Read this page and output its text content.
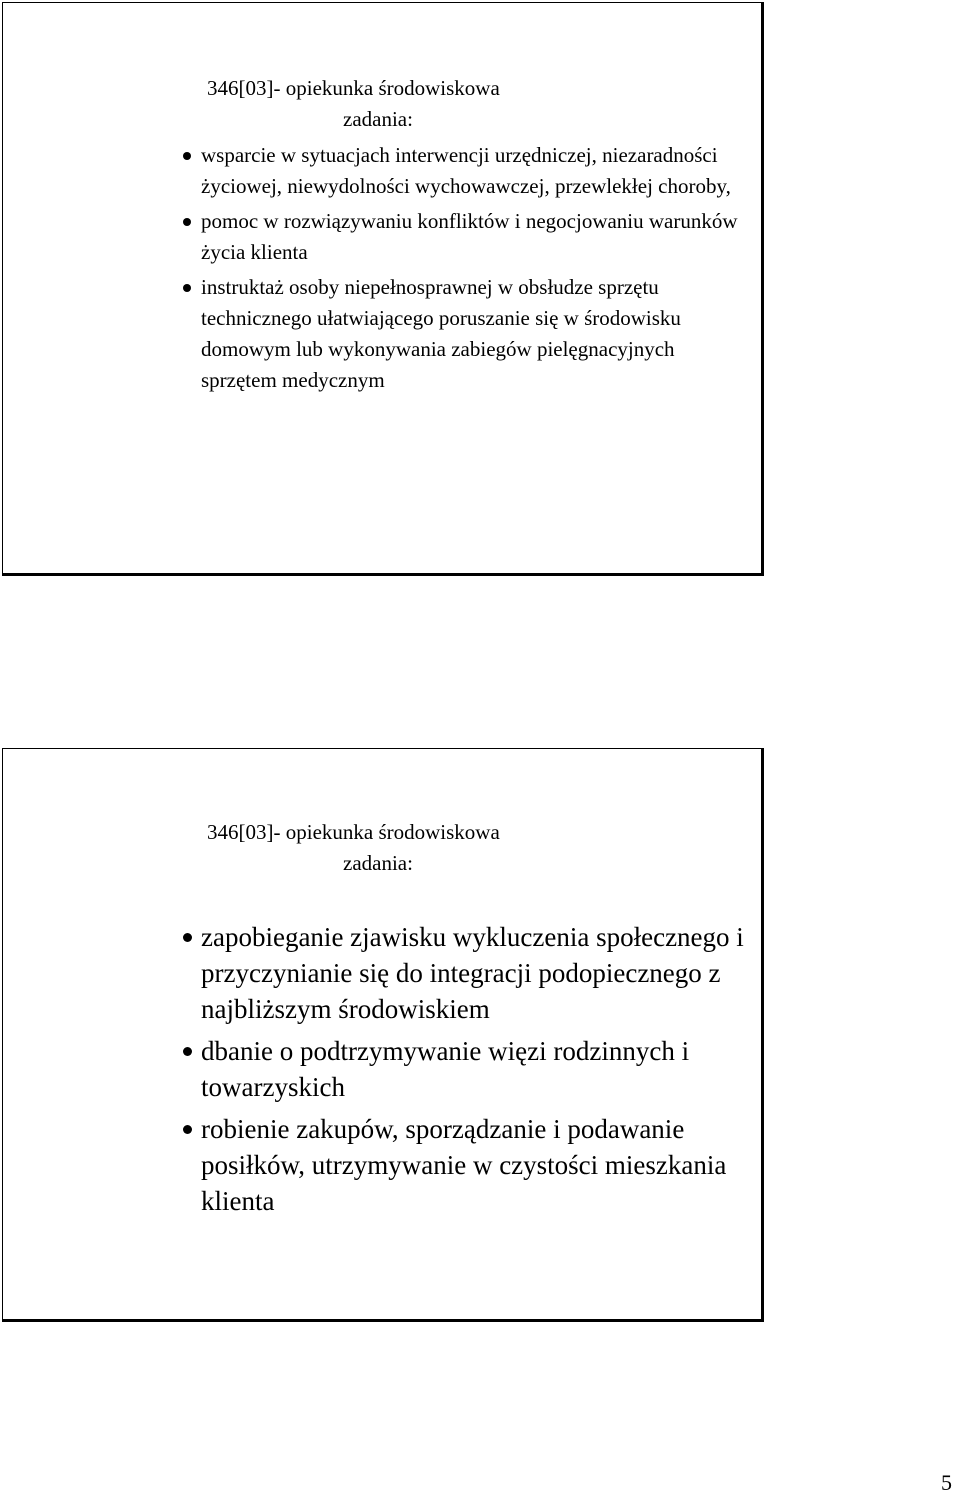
346[03]- opiekunka środowiskowa
zadania:
wsparcie w sytuacjach interwencji urzędniczej, niezaradności życiowej, niewydolności wychowawczej, przewlekłej choroby,
pomoc w rozwiązywaniu konfliktów i negocjowaniu warunków życia klienta
instruktaż osoby niepełnosprawnej w obsłudze sprzętu technicznego ułatwiającego poruszanie się w środowisku domowym lub wykonywania zabiegów pielęgnacyjnych sprzętem medycznym
346[03]- opiekunka środowiskowa
zadania:
zapobieganie zjawisku wykluczenia społecznego i przyczynianie się do integracji podopiecznego z najbliższym środowiskiem
dbanie o podtrzymywanie więzi rodzinnych i towarzyskich
robienie zakupów, sporządzanie i podawanie posiłków, utrzymywanie w czystości mieszkania klienta
5
